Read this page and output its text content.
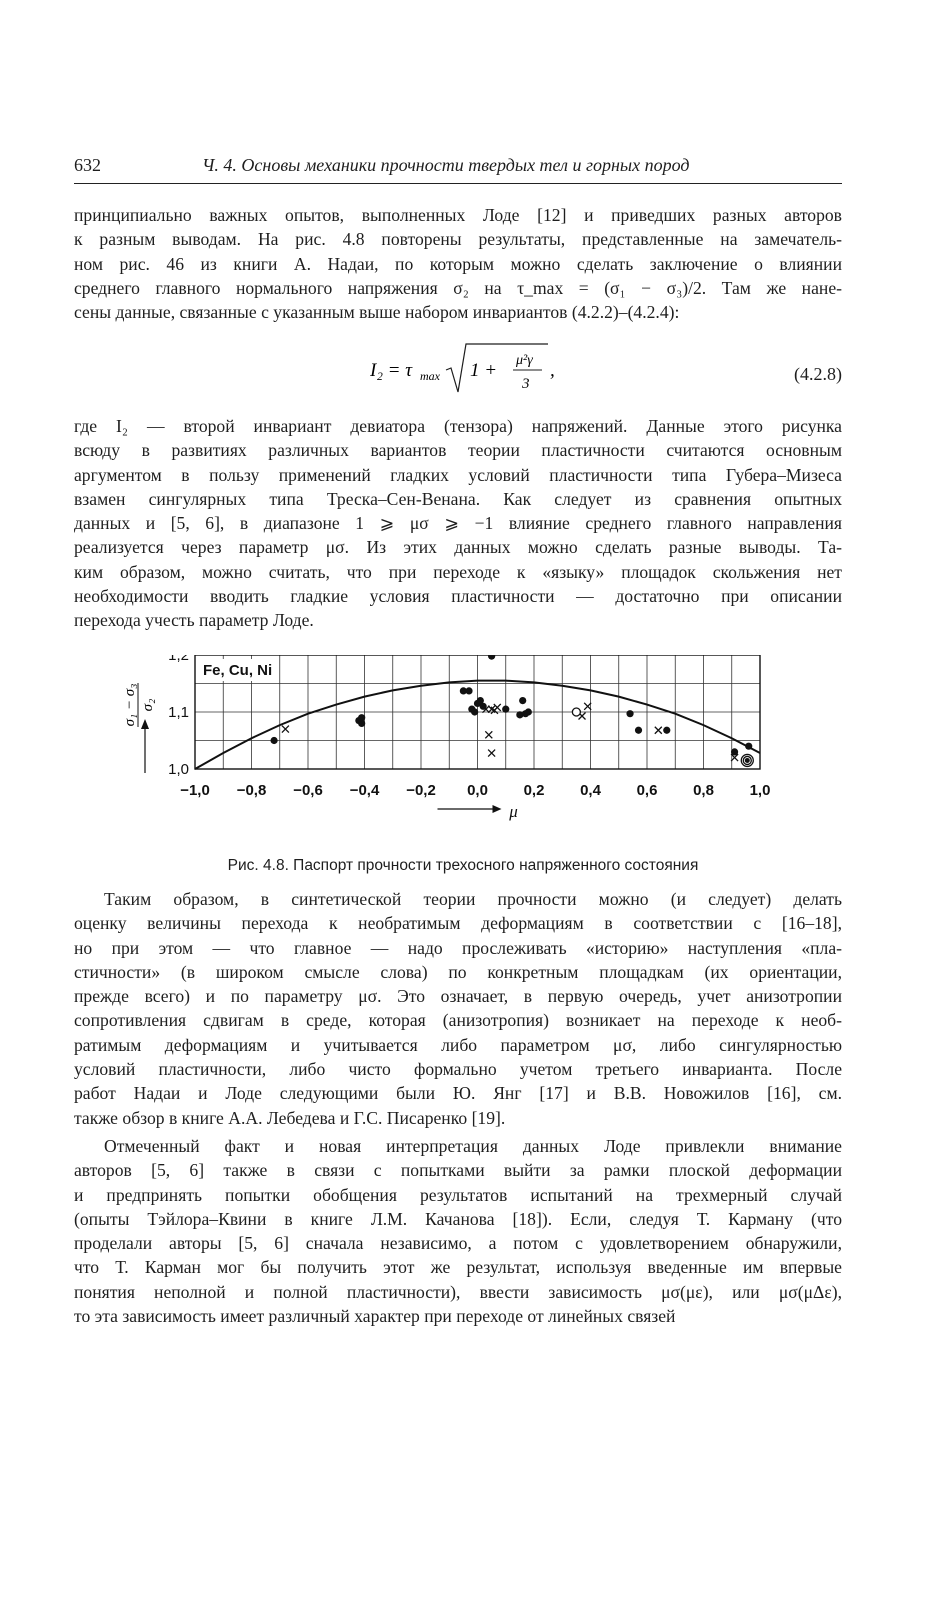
632	Ч. 4. Основы механики прочности твердых тел и горных пород
принципиально важных опытов, выполненных Лоде [12] и приведших разных авторов
к разным выводам. На рис. 4.8 повторены результаты, представленные на замечатель-
ном рис. 46 из книги А. Надаи, по которым можно сделать заключение о влиянии
среднего главного нормального напряжения σ₂ на τ_max = (σ₁ − σ₃)/2. Там же нане-
сены данные, связанные с указанным выше набором инвариантов (4.2.2)–(4.2.4):
I₂ = τ max 1 + μ²γ
3
,	(4.2.8)
где I₂ — второй инвариант девиатора (тензора) напряжений. Данные этого рисунка
всюду в развитиях различных вариантов теории пластичности считаются основным
аргументом в пользу применений гладких условий пластичности типа Губера–Мизеса
взамен сингулярных типа Треска–Сен-Венана. Как следует из сравнения опытных
данных и [5, 6], в диапазоне 1 ⩾ μσ ⩾ −1 влияние среднего главного направления
реализуется через параметр μσ. Из этих данных можно сделать разные выводы. Та-
ким образом, можно считать, что при переходе к «языку» площадок скольжения нет
необходимости вводить гладкие условия пластичности — достаточно при описании
перехода учесть параметр Лоде.
Fe, Cu, Ni
−1,0 −0,8 −0,6 −0,4 −0,2 0,0 0,2 0,4 0,6 0,8 1,0
1,0
1,1
1,2
μ
σ₁ − σ₃ σ₂
Рис. 4.8. Паспорт прочности трехосного напряженного состояния
Таким образом, в синтетической теории прочности можно (и следует) делать
оценку величины перехода к необратимым деформациям в соответствии с [16–18],
но при этом — что главное — надо прослеживать «историю» наступления «пла-
стичности» (в широком смысле слова) по конкретным площадкам (их ориентации,
прежде всего) и по параметру μσ. Это означает, в первую очередь, учет анизотропии
сопротивления сдвигам в среде, которая (анизотропия) возникает на переходе к необ-
ратимым деформациям и учитывается либо параметром μσ, либо сингулярностью
условий пластичности, либо чисто формально учетом третьего инварианта. После
работ Надаи и Лоде следующими были Ю. Янг [17] и В.В. Новожилов [16], см.
также обзор в книге А.А. Лебедева и Г.С. Писаренко [19].
Отмеченный факт и новая интерпретация данных Лоде привлекли внимание
авторов [5, 6] также в связи с попытками выйти за рамки плоской деформации
и предпринять попытки обобщения результатов испытаний на трехмерный случай
(опыты Тэйлора–Квини в книге Л.М. Качанова [18]). Если, следуя Т. Карману (что
проделали авторы [5, 6] сначала независимо, а потом с удовлетворением обнаружили,
что Т. Карман мог бы получить этот же результат, используя введенные им впервые
понятия неполной и полной пластичности), ввести зависимость μσ(με), или μσ(μΔε),
то эта зависимость имеет различный характер при переходе от линейных связей
